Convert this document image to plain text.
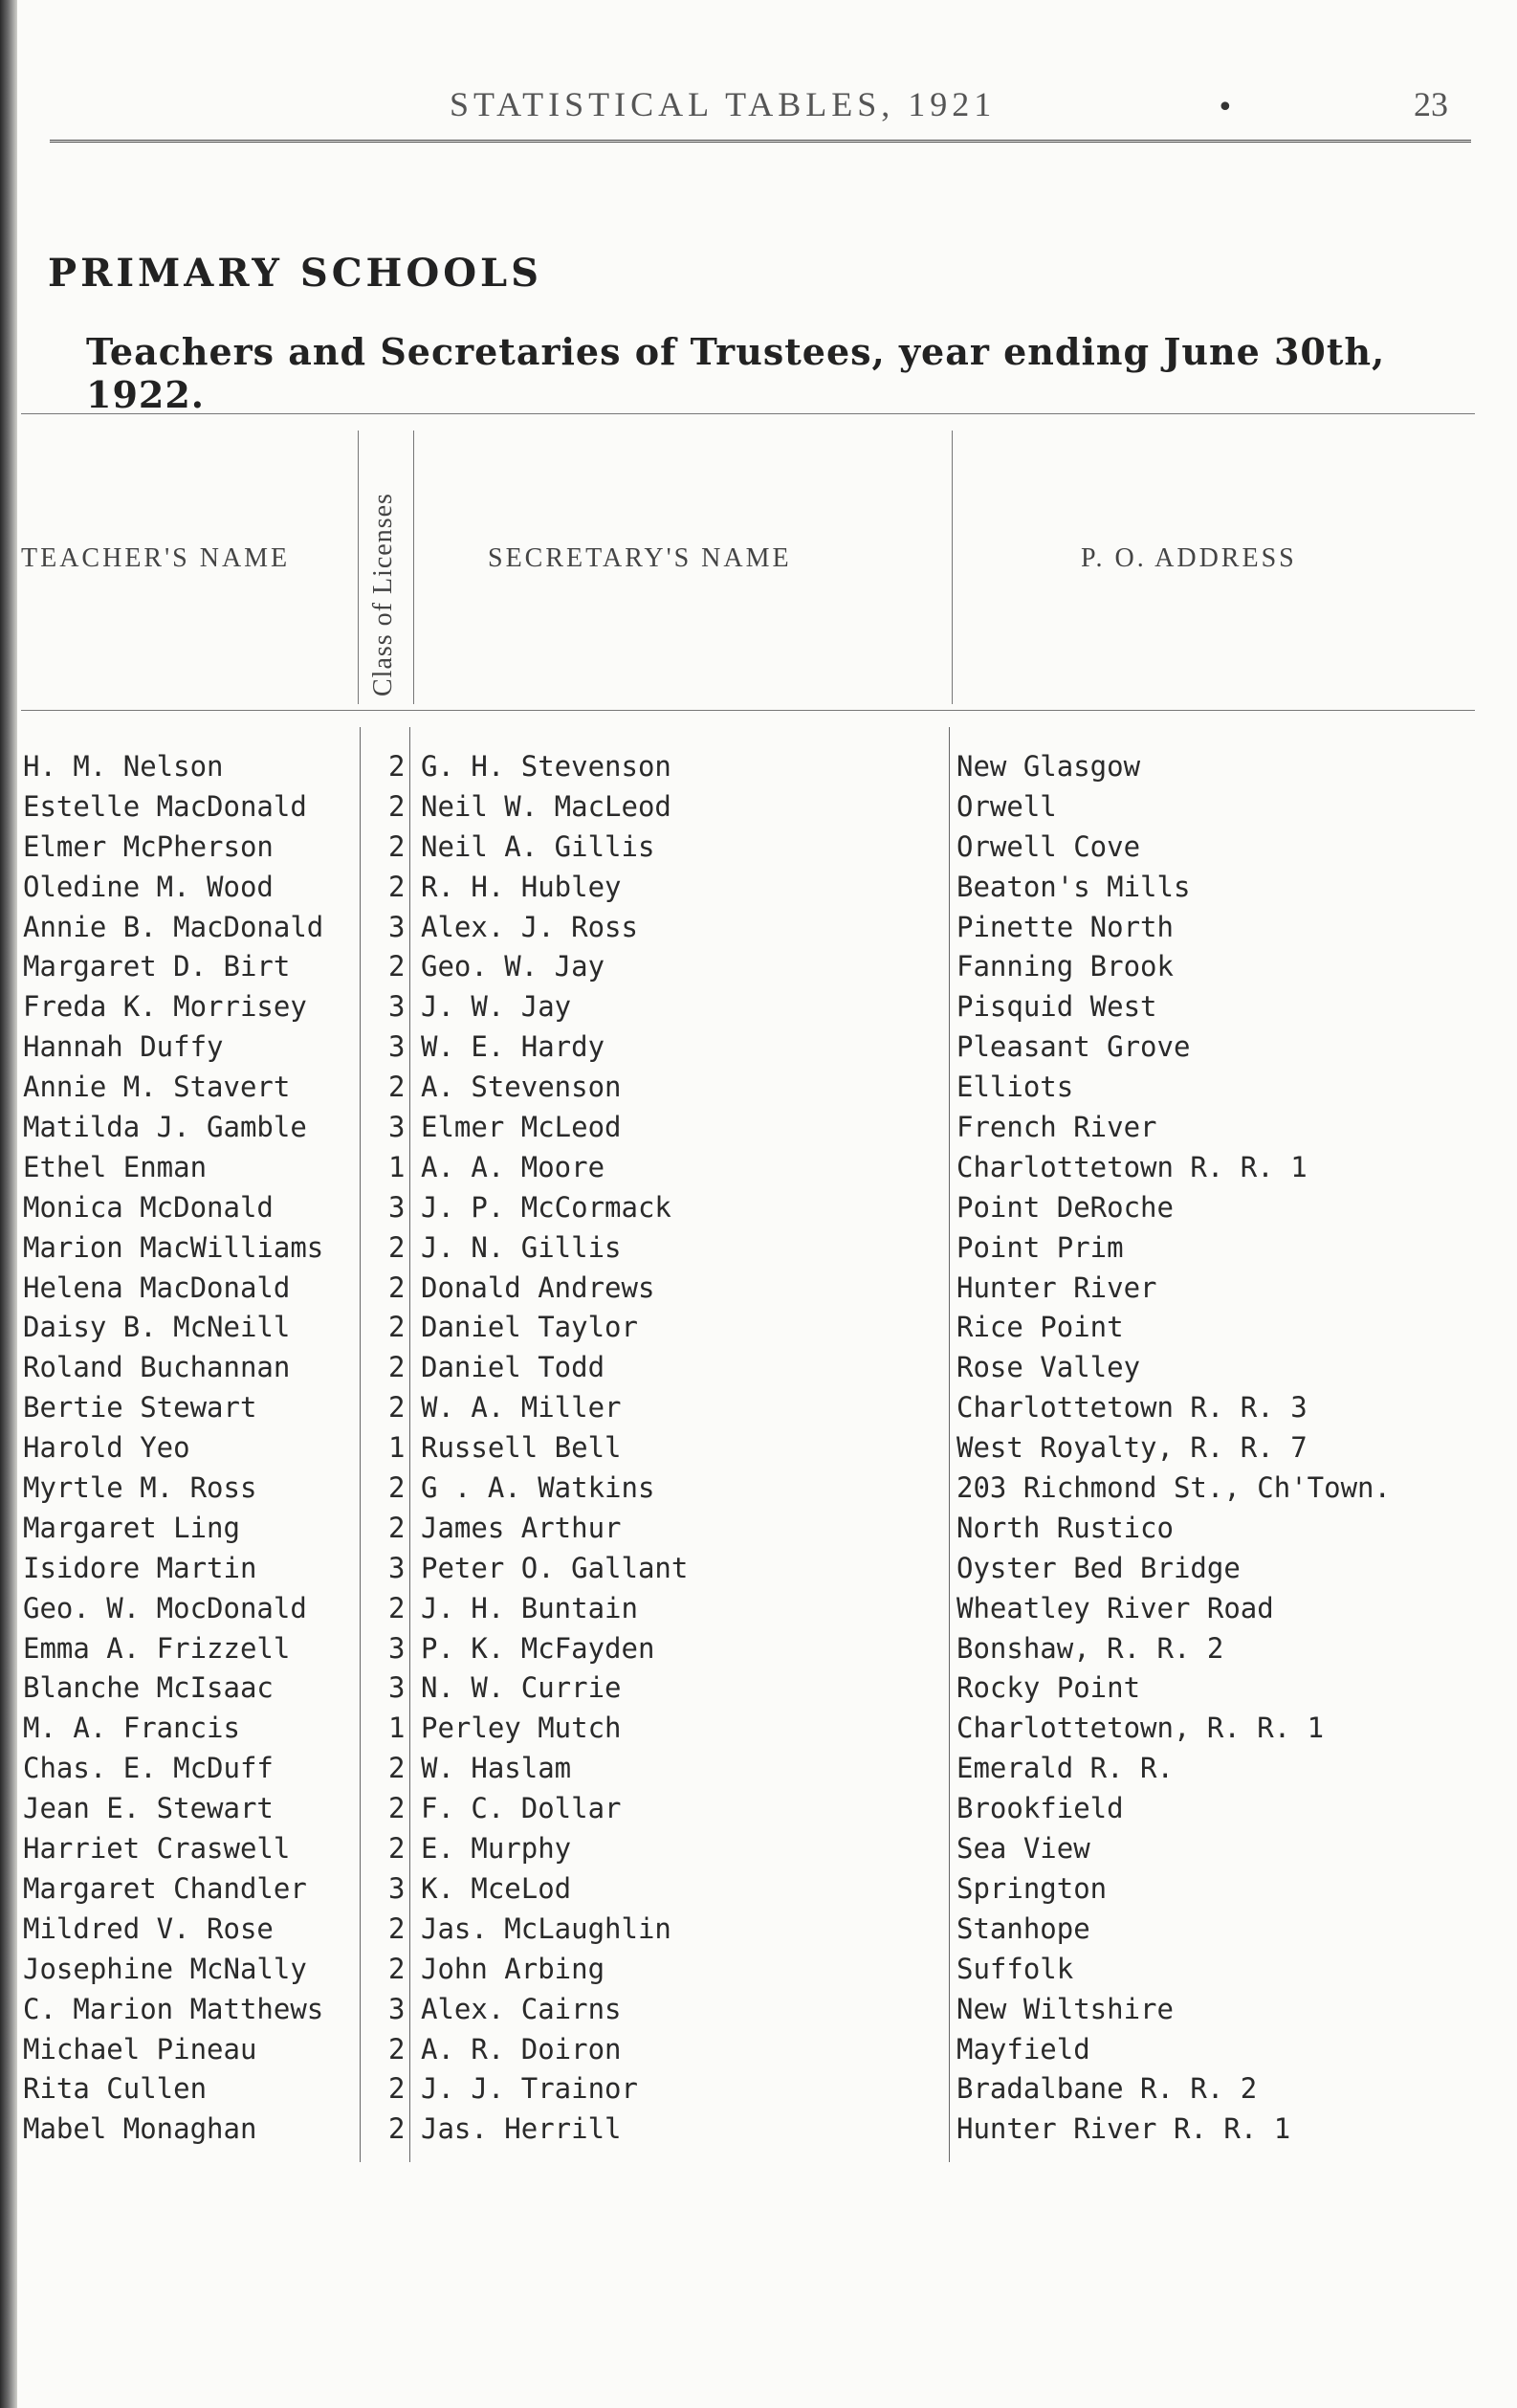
STATISTICAL TABLES, 1921	•	23
PRIMARY SCHOOLS
Teachers and Secretaries of Trustees, year ending June 30th, 1922.
TEACHER'S NAME	Class of Licenses	SECRETARY'S NAME	P. O. ADDRESS
H. M. Nelson	2 G. H. Stevenson	New Glasgow
Estelle MacDonald	2 Neil W. MacLeod	Orwell
Elmer McPherson	2 Neil A. Gillis	Orwell Cove
Oledine M. Wood	2 R. H. Hubley	Beaton's Mills
Annie B. MacDonald 3 Alex. J. Ross	Pinette North
Margaret D. Birt	2 Geo. W. Jay	Fanning Brook
Freda K. Morrisey	3 J. W. Jay	Pisquid West
Hannah Duffy	3 W. E. Hardy	Pleasant Grove
Annie M. Stavert	2 A. Stevenson	Elliots
Matilda J. Gamble	3 Elmer McLeod	French River
Ethel Enman	1 A. A. Moore	Charlottetown R. R. 1
Monica McDonald	3 J. P. McCormack	Point DeRoche
Marion MacWilliams 2 J. N. Gillis	Point Prim
Helena MacDonald	2 Donald Andrews	Hunter River
Daisy B. McNeill	2 Daniel Taylor	Rice Point
Roland Buchannan	2 Daniel Todd	Rose Valley
Bertie Stewart	2 W. A. Miller	Charlottetown R. R. 3
Harold Yeo	1 Russell Bell	West Royalty, R. R. 7
Myrtle M. Ross	2 G . A. Watkins	203 Richmond St., Ch'Town.
Margaret Ling	2 James Arthur	North Rustico
Isidore Martin	3 Peter O. Gallant	Oyster Bed Bridge
Geo. W. MocDonald	2 J. H. Buntain	Wheatley River Road
Emma A. Frizzell	3 P. K. McFayden	Bonshaw, R. R. 2
Blanche McIsaac	3 N. W. Currie	Rocky Point
M. A. Francis	1 Perley Mutch	Charlottetown, R. R. 1
Chas. E. McDuff	2 W. Haslam	Emerald R. R.
Jean E. Stewart	2 F. C. Dollar	Brookfield
Harriet Craswell	2 E. Murphy	Sea View
Margaret Chandler	3 K. MceLod	Springton
Mildred V. Rose	2 Jas. McLaughlin	Stanhope
Josephine McNally	2 John Arbing	Suffolk
C. Marion Matthews 3 Alex. Cairns	New Wiltshire
Michael Pineau	2 A. R. Doiron	Mayfield
Rita Cullen	2 J. J. Trainor	Bradalbane R. R. 2
Mabel Monaghan	2 Jas. Herrill	Hunter River R. R. 1
